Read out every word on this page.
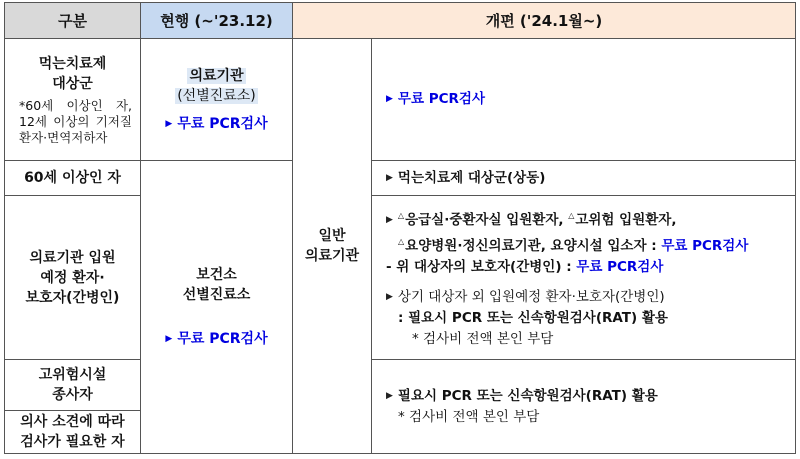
구분	현행 (~'23.12)	개편 ('24.1월~)
먹는치료제
대상군
*60세 이상인 자, 12세 이상의 기저질환자·면역저하자
60세 이상인 자
의료기관 입원
예정 환자·
보호자(간병인)
고위험시설
종사자
의사 소견에 따라
검사가 필요한 자
의료기관
(선별진료소)
▶ 무료 PCR검사
보건소
선별진료소
▶ 무료 PCR검사
일반
의료기관
▶ 무료 PCR검사
▶ 먹는치료제 대상군(상동)
▶ △응급실·중환자실 입원환자, △고위험 입원환자,
△요양병원·정신의료기관, 요양시설 입소자 : 무료 PCR검사
- 위 대상자의 보호자(간병인) : 무료 PCR검사
▶ 상기 대상자 외 입원예정 환자·보호자(간병인)
: 필요시 PCR 또는 신속항원검사(RAT) 활용
* 검사비 전액 본인 부담
▶ 필요시 PCR 또는 신속항원검사(RAT) 활용
* 검사비 전액 본인 부담
